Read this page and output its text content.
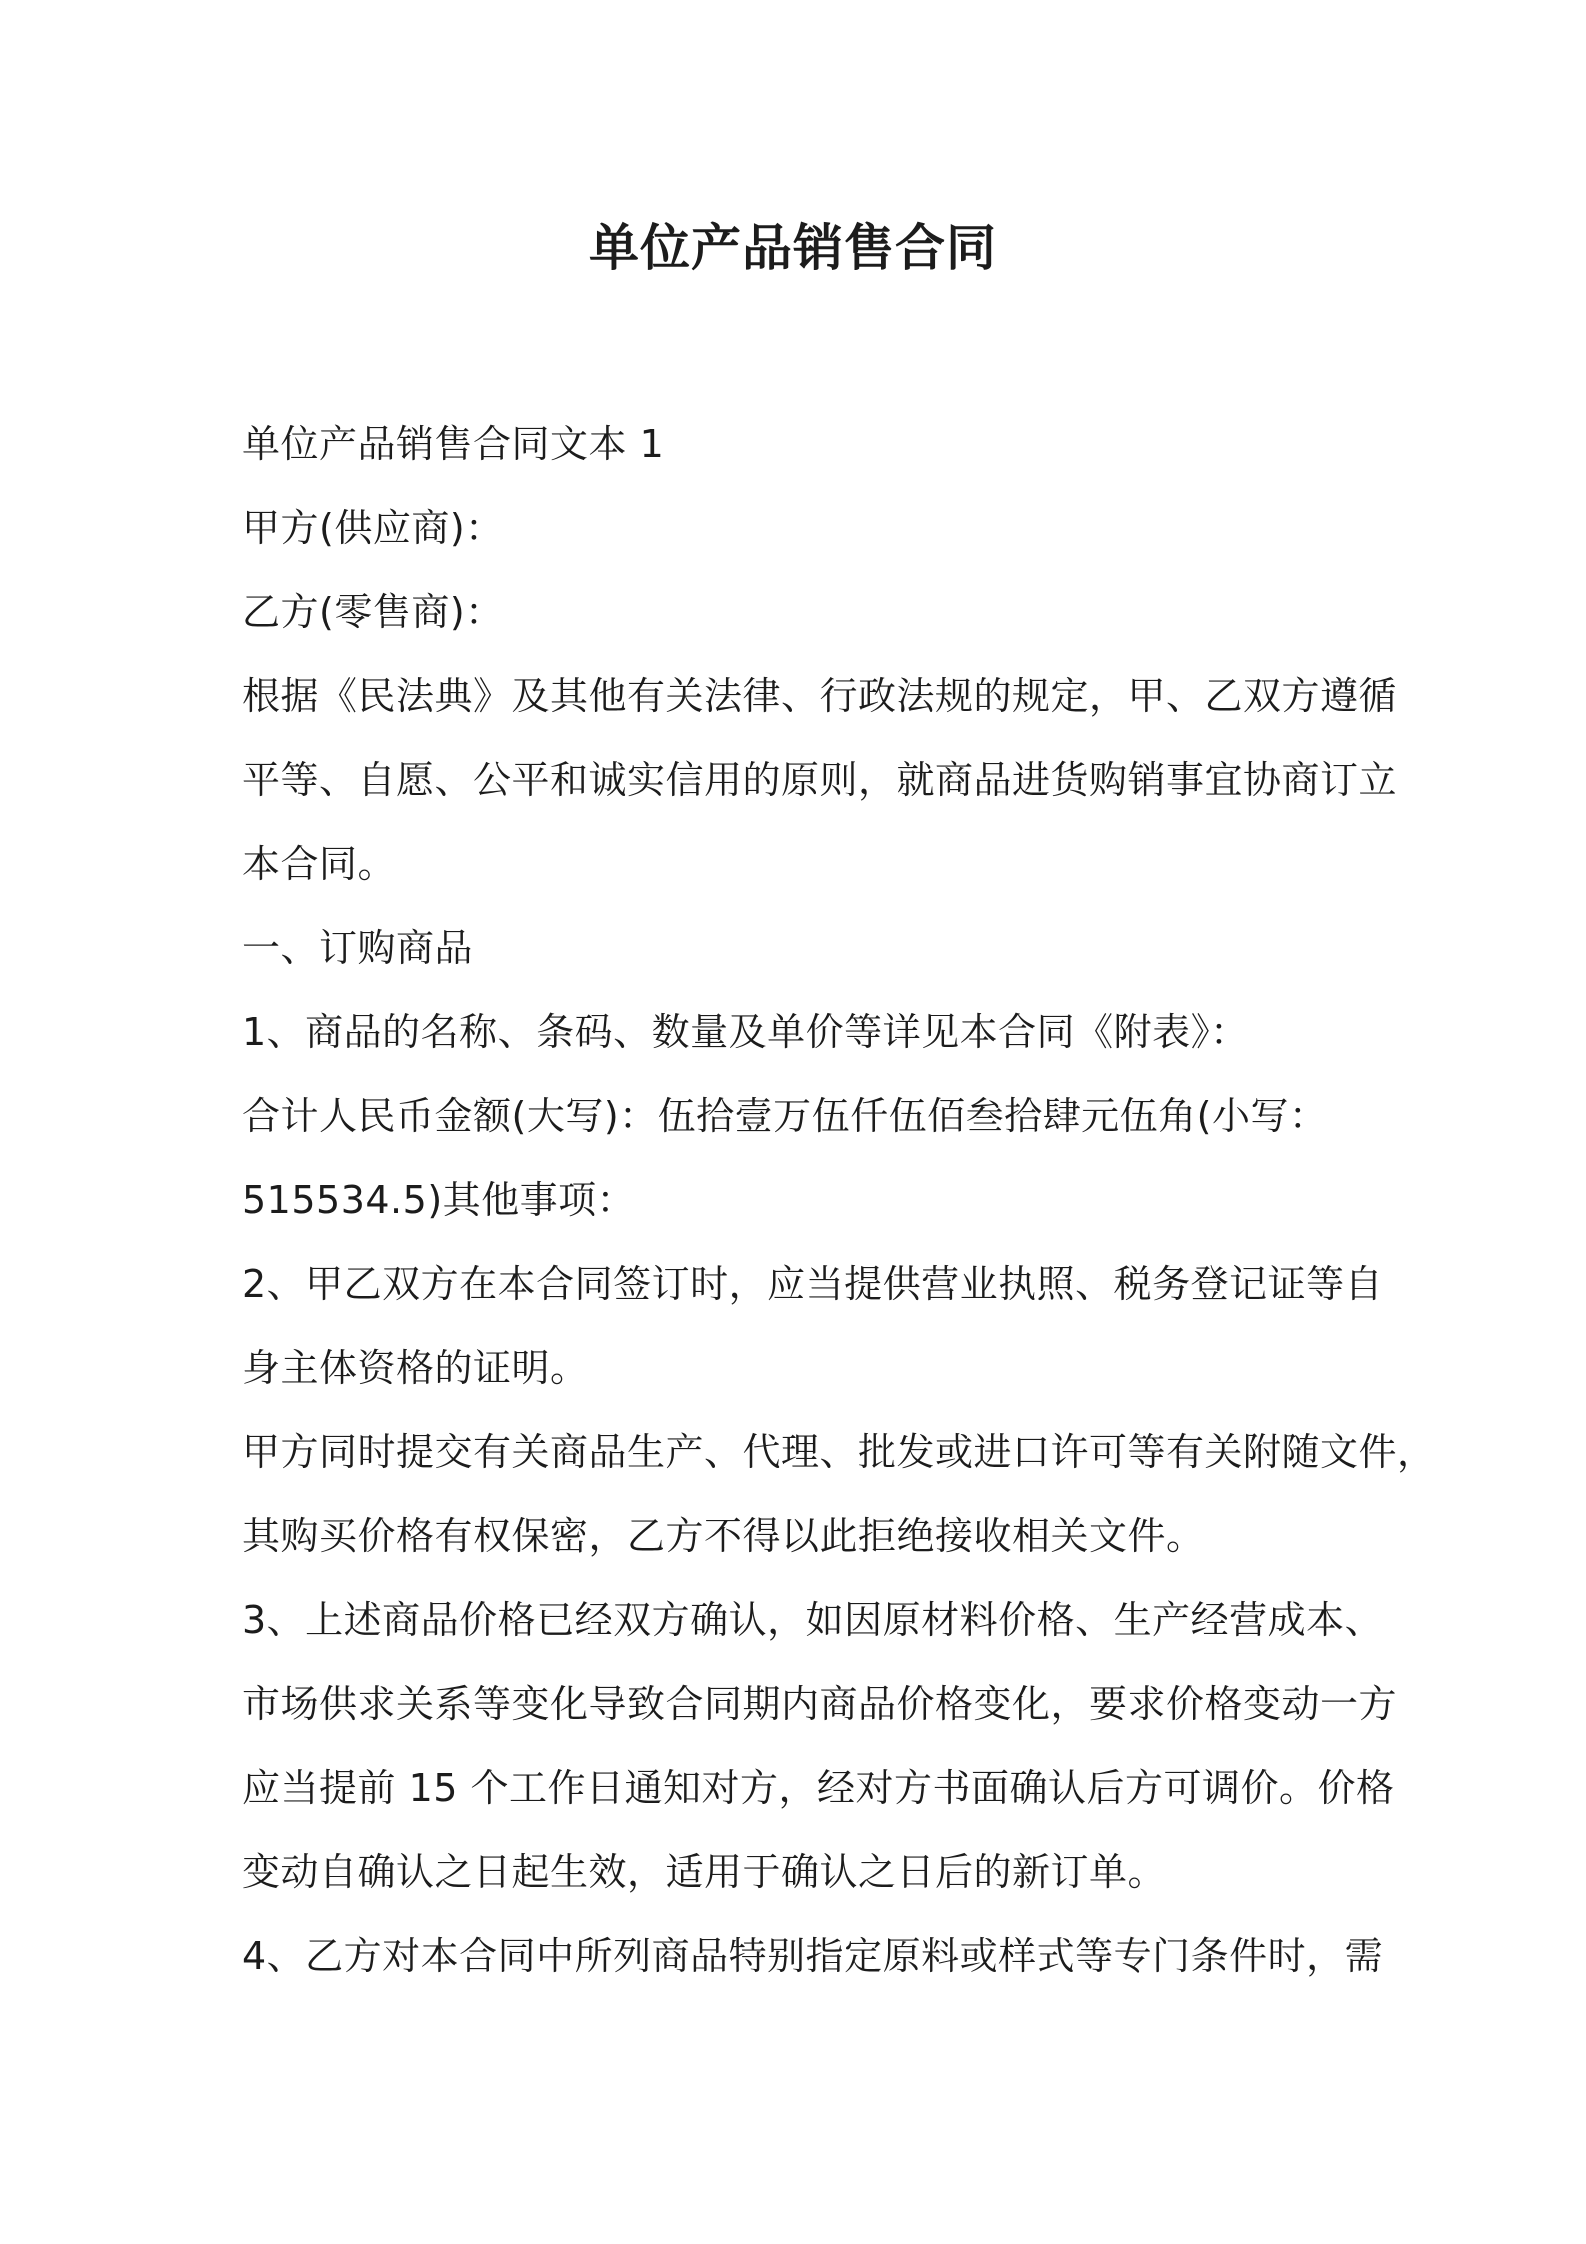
单位产品销售合同
单位产品销售合同文本 1
甲方(供应商)：
乙方(零售商)：
根据《民法典》及其他有关法律、行政法规的规定，甲、乙双方遵循
平等、自愿、公平和诚实信用的原则，就商品进货购销事宜协商订立
本合同。
一、订购商品
1、商品的名称、条码、数量及单价等详见本合同《附表》：
合计人民币金额(大写)：伍拾壹万伍仟伍佰叁拾肆元伍角(小写：
515534.5)其他事项：
2、甲乙双方在本合同签订时，应当提供营业执照、税务登记证等自
身主体资格的证明。
甲方同时提交有关商品生产、代理、批发或进口许可等有关附随文件，
其购买价格有权保密，乙方不得以此拒绝接收相关文件。
3、上述商品价格已经双方确认，如因原材料价格、生产经营成本、
市场供求关系等变化导致合同期内商品价格变化，要求价格变动一方
应当提前 15 个工作日通知对方，经对方书面确认后方可调价。价格
变动自确认之日起生效，适用于确认之日后的新订单。
4、乙方对本合同中所列商品特别指定原料或样式等专门条件时，需
